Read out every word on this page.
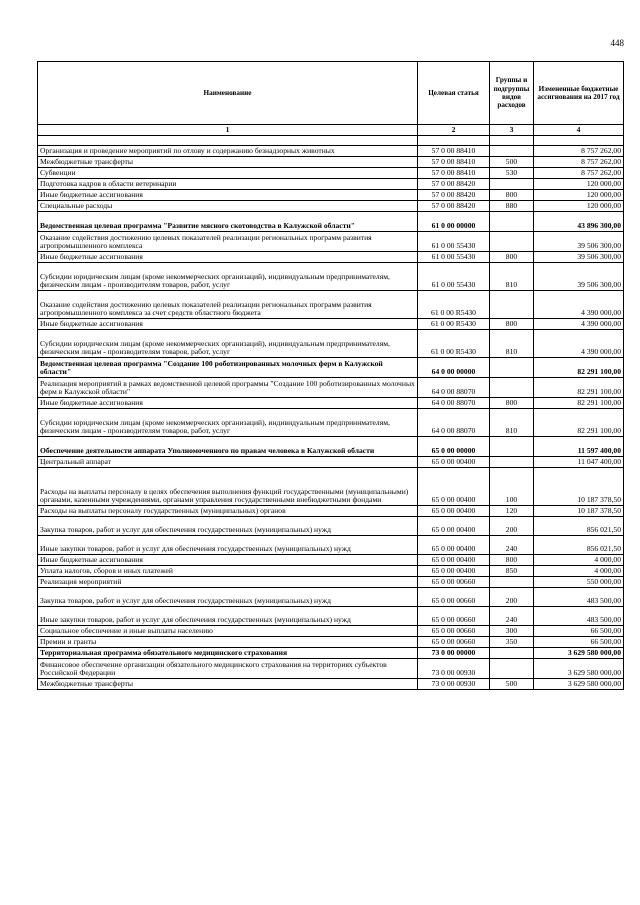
448
Наименование	Целевая статья	Группы и подгруппы видов расходов	Измененные бюджетные ассигнования на 2017 год
1	2	3	4

Организация и проведение мероприятий по отлову и содержанию безнадзорных животных	57 0 00 88410		8 757 262,00
Межбюджетные трансферты	57 0 00 88410	500	8 757 262,00
Субвенции	57 0 00 88410	530	8 757 262,00
Подготовка кадров в области ветеринарии	57 0 00 88420		120 000,00
Иные бюджетные ассигнования	57 0 00 88420	800	120 000,00
Специальные расходы	57 0 00 88420	880	120 000,00
Ведомственная целевая программа "Развитие мясного скотоводства в Калужской области"	61 0 00 00000		43 896 300,00
Оказание содействия достижению целевых показателей реализации региональных программ развития агропромышленного комплекса	61 0 00 55430		39 506 300,00
Иные бюджетные ассигнования	61 0 00 55430	800	39 506 300,00
Субсидии юридическим лицам (кроме некоммерческих организаций), индивидуальным предпринимателям, физическим лицам - производителям товаров, работ, услуг	61 0 00 55430	810	39 506 300,00
Оказание содействия достижению целевых показателей реализации региональных программ развития агропромышленного комплекса за счет средств областного бюджета	61 0 00 R5430		4 390 000,00
Иные бюджетные ассигнования	61 0 00 R5430	800	4 390 000,00
Субсидии юридическим лицам (кроме некоммерческих организаций), индивидуальным предпринимателям, физическим лицам - производителям товаров, работ, услуг	61 0 00 R5430	810	4 390 000,00
Ведомственная целевая программа "Создание 100 роботизированных молочных ферм в Калужской области"	64 0 00 00000		82 291 100,00
Реализация мероприятий в рамках ведомственной целевой программы "Создание 100 роботизированных молочных ферм в Калужской области"	64 0 00 88070		82 291 100,00
Иные бюджетные ассигнования	64 0 00 88070	800	82 291 100,00
Субсидии юридическим лицам (кроме некоммерческих организаций), индивидуальным предпринимателям, физическим лицам - производителям товаров, работ, услуг	64 0 00 88070	810	82 291 100,00
Обеспечение деятельности аппарата Уполномоченного по правам человека в Калужской области	65 0 00 00000		11 597 400,00
Центральный аппарат	65 0 00 00400		11 047 400,00
Расходы на выплаты персоналу в целях обеспечения выполнения функций государственными (муниципальными) органами, казенными учреждениями, органами управления государственными внебюджетными фондами	65 0 00 00400	100	10 187 378,50
Расходы на выплаты персоналу государственных (муниципальных) органов	65 0 00 00400	120	10 187 378,50
Закупка товаров, работ и услуг для обеспечения государственных (муниципальных) нужд	65 0 00 00400	200	856 021,50
Иные закупки товаров, работ и услуг для обеспечения государственных (муниципальных) нужд	65 0 00 00400	240	856 021,50
Иные бюджетные ассигнования	65 0 00 00400	800	4 000,00
Уплата налогов, сборов и иных платежей	65 0 00 00400	850	4 000,00
Реализация мероприятий	65 0 00 00660		550 000,00
Закупка товаров, работ и услуг для обеспечения государственных (муниципальных) нужд	65 0 00 00660	200	483 500,00
Иные закупки товаров, работ и услуг для обеспечения государственных (муниципальных) нужд	65 0 00 00660	240	483 500,00
Социальное обеспечение и иные выплаты населению	65 0 00 00660	300	66 500,00
Премии и гранты	65 0 00 00660	350	66 500,00
Территориальная программа обязательного медицинского страхования	73 0 00 00000		3 629 580 000,00
Финансовое обеспечение организации обязательного медицинского страхования на территориях субъектов Российской Федерации	73 0 00 00930		3 629 580 000,00
Межбюджетные трансферты	73 0 00 00930	500	3 629 580 000,00
